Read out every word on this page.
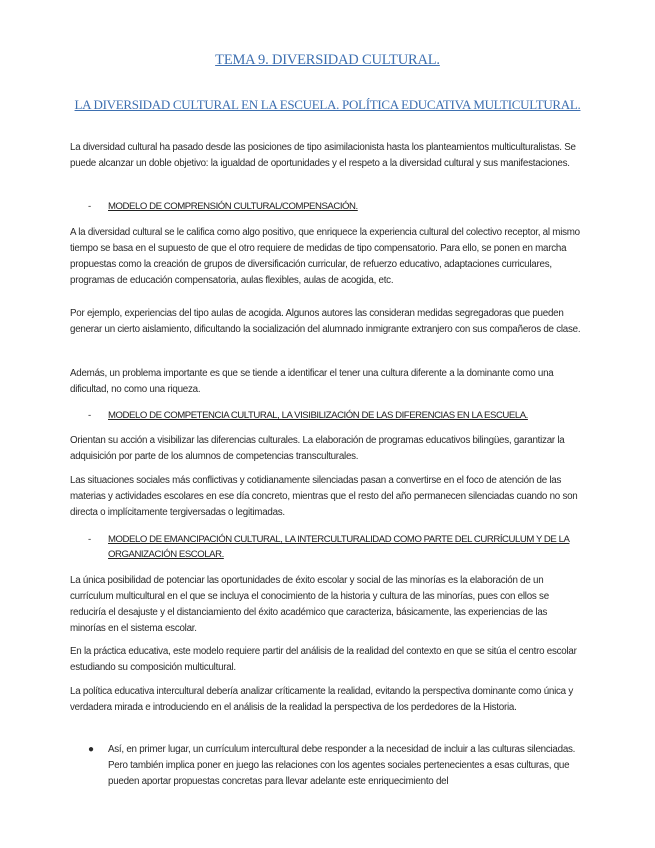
TEMA 9. DIVERSIDAD CULTURAL.
LA DIVERSIDAD CULTURAL EN LA ESCUELA. POLÍTICA EDUCATIVA MULTICULTURAL.

La diversidad cultural ha pasado desde las posiciones de tipo asimilacionista hasta los planteamientos multiculturalistas. Se puede alcanzar un doble objetivo: la igualdad de oportunidades y el respeto a la diversidad cultural y sus manifestaciones.

- MODELO DE COMPRENSIÓN CULTURAL/COMPENSACIÓN.

A la diversidad cultural se le califica como algo positivo, que enriquece la experiencia cultural del colectivo receptor, al mismo tiempo se basa en el supuesto de que el otro requiere de medidas de tipo compensatorio. Para ello, se ponen en marcha propuestas como la creación de grupos de diversificación curricular, de refuerzo educativo, adaptaciones curriculares, programas de educación compensatoria, aulas flexibles, aulas de acogida, etc.

Por ejemplo, experiencias del tipo aulas de acogida. Algunos autores las consideran medidas segregadoras que pueden generar un cierto aislamiento, dificultando la socialización del alumnado inmigrante extranjero con sus compañeros de clase.

Además, un problema importante es que se tiende a identificar el tener una cultura diferente a la dominante como una dificultad, no como una riqueza.

- MODELO DE COMPETENCIA CULTURAL, LA VISIBILIZACIÓN DE LAS DIFERENCIAS EN LA ESCUELA.

Orientan su acción a visibilizar las diferencias culturales. La elaboración de programas educativos bilingües, garantizar la adquisición por parte de los alumnos de competencias transculturales.

Las situaciones sociales más conflictivas y cotidianamente silenciadas pasan a convertirse en el foco de atención de las materias y actividades escolares en ese día concreto, mientras que el resto del año permanecen silenciadas cuando no son directa o implícitamente tergiversadas o legitimadas.

- MODELO DE EMANCIPACIÓN CULTURAL, LA INTERCULTURALIDAD COMO PARTE DEL CURRÍCULUM Y DE LA ORGANIZACIÓN ESCOLAR.

La única posibilidad de potenciar las oportunidades de éxito escolar y social de las minorías es la elaboración de un currículum multicultural en el que se incluya el conocimiento de la historia y cultura de las minorías, pues con ellos se reduciría el desajuste y el distanciamiento del éxito académico que caracteriza, básicamente, las experiencias de las minorías en el sistema escolar.

En la práctica educativa, este modelo requiere partir del análisis de la realidad del contexto en que se sitúa el centro escolar estudiando su composición multicultural.

La política educativa intercultural debería analizar críticamente la realidad, evitando la perspectiva dominante como única y verdadera mirada e introduciendo en el análisis de la realidad la perspectiva de los perdedores de la Historia.

● Así, en primer lugar, un currículum intercultural debe responder a la necesidad de incluir a las culturas silenciadas. Pero también implica poner en juego las relaciones con los agentes sociales pertenecientes a esas culturas, que pueden aportar propuestas concretas para llevar adelante este enriquecimiento del
